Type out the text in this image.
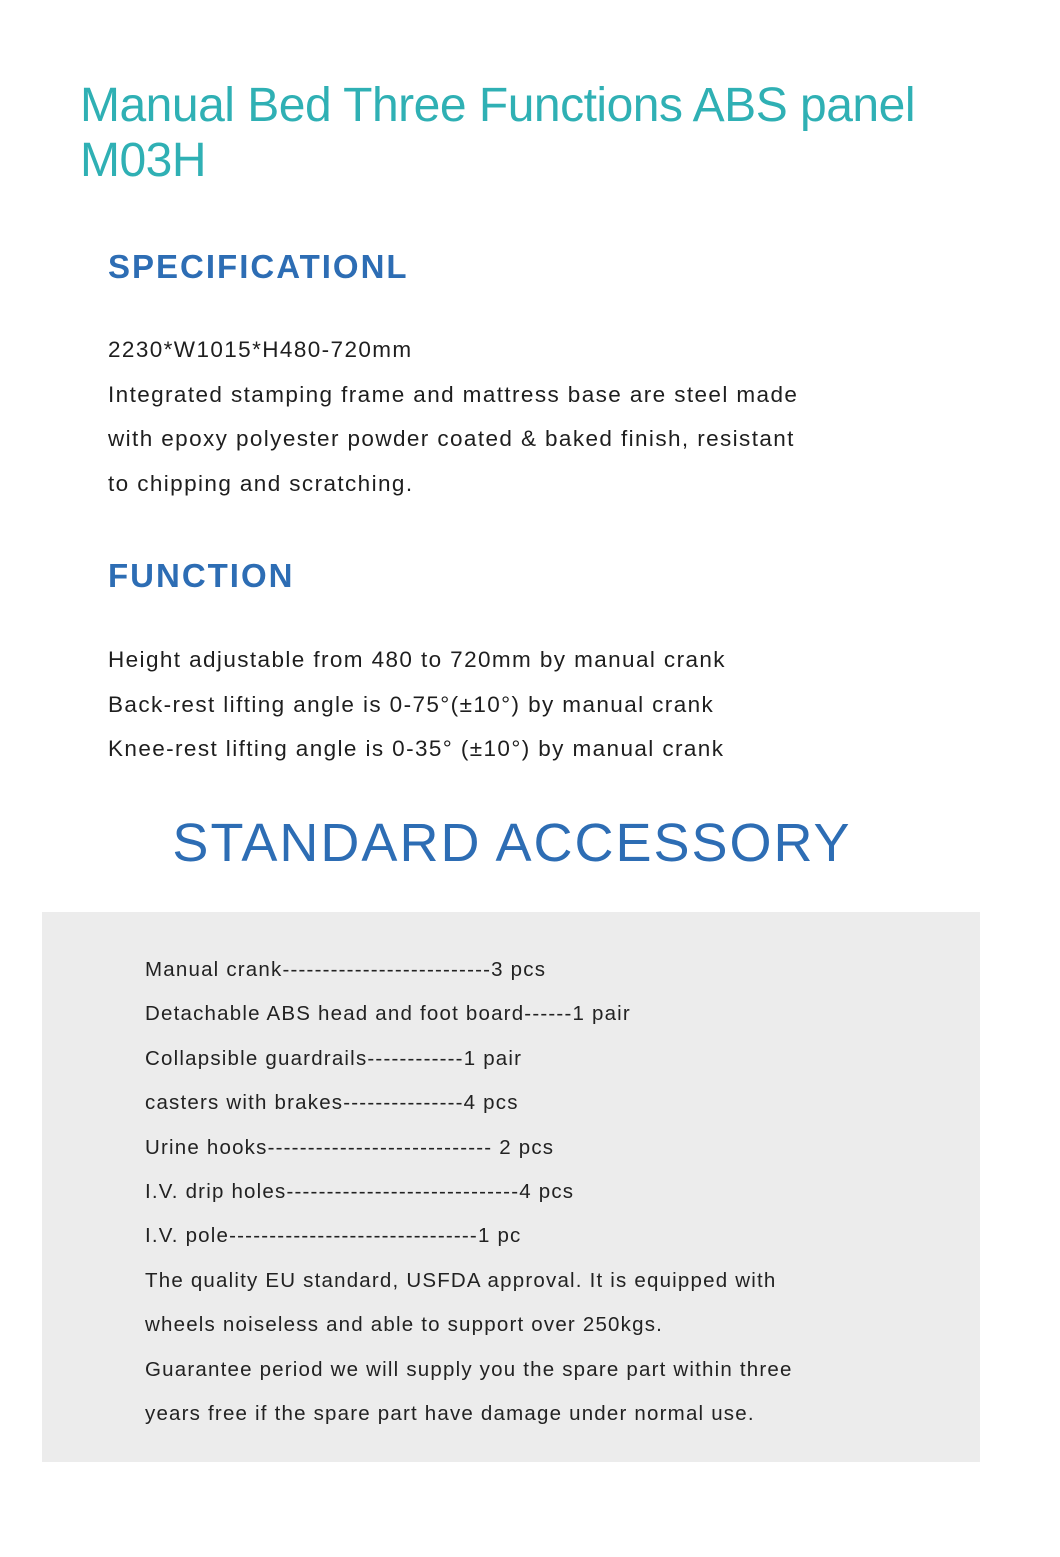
Manual Bed Three Functions ABS panel
M03H
SPECIFICATIONL
2230*W1015*H480-720mm
Integrated stamping frame and mattress base are steel made
with epoxy polyester powder coated & baked finish, resistant
to chipping and scratching.
FUNCTION
Height adjustable from 480 to 720mm by manual crank
Back-rest lifting angle is 0-75°(±10°) by manual crank
Knee-rest lifting angle is 0-35° (±10°) by manual crank
STANDARD ACCESSORY
Manual crank--------------------------3 pcs
Detachable ABS head and foot board------1 pair
Collapsible guardrails------------1 pair
casters with brakes---------------4 pcs
Urine hooks---------------------------- 2 pcs
I.V. drip holes-----------------------------4 pcs
I.V. pole-------------------------------1 pc
The quality EU standard, USFDA approval. It is equipped with
wheels noiseless and able to support over 250kgs.
Guarantee period we will supply you the spare part within three
years free if the spare part have damage under normal use.
